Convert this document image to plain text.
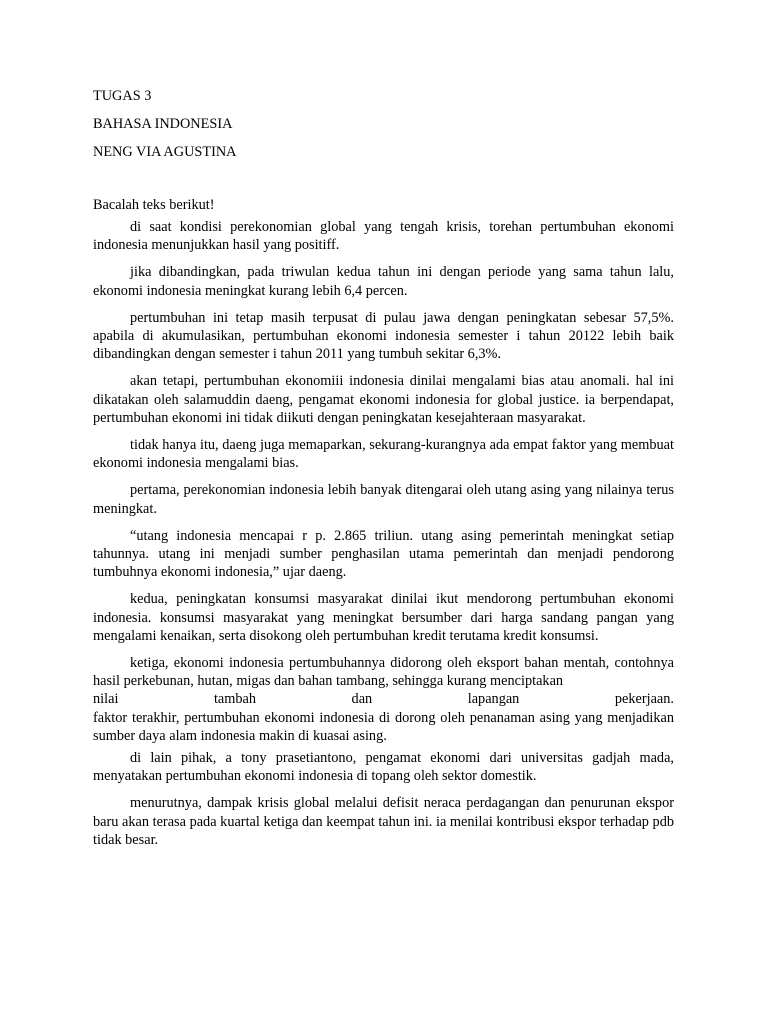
TUGAS 3

BAHASA INDONESIA

NENG VIA AGUSTINA

Bacalah teks berikut!

di saat kondisi perekonomian global yang tengah krisis, torehan pertumbuhan ekonomi indonesia menunjukkan hasil yang positiff.

jika dibandingkan, pada triwulan kedua tahun ini dengan periode yang sama tahun lalu, ekonomi indonesia meningkat kurang lebih 6,4 percen.

pertumbuhan ini tetap masih terpusat di pulau jawa dengan peningkatan sebesar 57,5%. apabila di akumulasikan, pertumbuhan ekonomi indonesia semester i tahun 20122 lebih baik dibandingkan dengan semester i tahun 2011 yang tumbuh sekitar 6,3%.

akan tetapi, pertumbuhan ekonomiii indonesia dinilai mengalami bias atau anomali. hal ini dikatakan oleh salamuddin daeng, pengamat ekonomi indonesia for global justice. ia berpendapat, pertumbuhan ekonomi ini tidak diikuti dengan peningkatan kesejahteraan masyarakat.

tidak hanya itu, daeng juga memaparkan, sekurang-kurangnya ada empat faktor yang membuat ekonomi indonesia mengalami bias.

pertama, perekonomian indonesia lebih banyak ditengarai oleh utang asing yang nilainya terus meningkat.

“utang indonesia mencapai r p. 2.865 triliun. utang asing pemerintah meningkat setiap tahunnya. utang ini menjadi sumber penghasilan utama pemerintah dan menjadi pendorong tumbuhnya ekonomi indonesia,” ujar daeng.

kedua, peningkatan konsumsi masyarakat dinilai ikut mendorong pertumbuhan ekonomi indonesia. konsumsi masyarakat yang meningkat bersumber dari harga sandang pangan yang mengalami kenaikan, serta disokong oleh pertumbuhan kredit terutama kredit konsumsi.

ketiga, ekonomi indonesia pertumbuhannya didorong oleh eksport bahan mentah, contohnya hasil perkebunan, hutan, migas dan bahan tambang, sehingga kurang menciptakan

nilai tambah dan lapangan pekerjaan.

faktor terakhir, pertumbuhan ekonomi indonesia di dorong oleh penanaman asing yang menjadikan sumber daya alam indonesia makin di kuasai asing.

di lain pihak, a tony prasetiantono, pengamat ekonomi dari universitas gadjah mada, menyatakan pertumbuhan ekonomi indonesia di topang oleh sektor domestik.

menurutnya, dampak krisis global melalui defisit neraca perdagangan dan penurunan ekspor baru akan terasa pada kuartal ketiga dan keempat tahun ini. ia menilai kontribusi ekspor terhadap pdb tidak besar.
